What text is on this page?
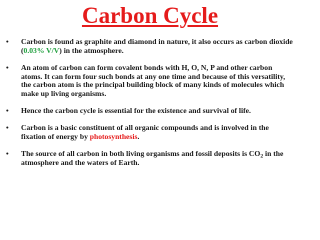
Carbon Cycle
• Carbon is found as graphite and diamond in nature, it also occurs as carbon dioxide (0.03% V/V) in the atmosphere.
• An atom of carbon can form covalent bonds with H, O, N, P and other carbon atoms. It can form four such bonds at any one time and because of this versatility, the carbon atom is the principal building block of many kinds of molecules which make up living organisms.
• Hence the carbon cycle is essential for the existence and survival of life.
• Carbon is a basic constituent of all organic compounds and is involved in the fixation of energy by photosynthesis.
• The source of all carbon in both living organisms and fossil deposits is $CO_2$ in the atmosphere and the waters of Earth.
